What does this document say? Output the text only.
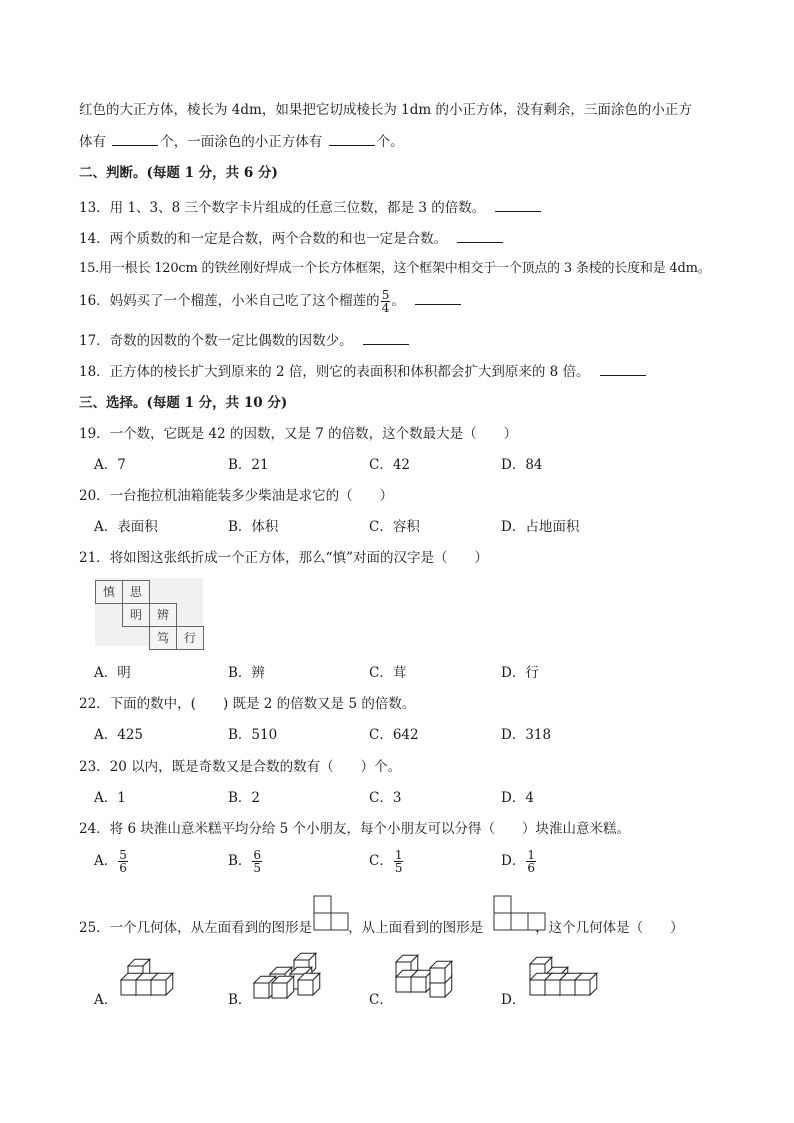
红色的大正方体，棱长为 4dm，如果把它切成棱长为 1dm 的小正方体，没有剩余，三面涂色的小正方
体有	个，一面涂色的小正方体有	个。
二、判断。(每题 1 分，共 6 分)
13．用 1、3、8 三个数字卡片组成的任意三位数，都是 3 的倍数。
14．两个质数的和一定是合数，两个合数的和也一定是合数。
15.用一根长 120cm 的铁丝刚好焊成一个长方体框架，这个框架中相交于一个顶点的 3 条棱的长度和是 4dm。
16．妈妈买了一个榴莲，小米自己吃了这个榴莲的 $\frac{5}{4}$ 。
17．奇数的因数的个数一定比偶数的因数少。
18．正方体的棱长扩大到原来的 2 倍，则它的表面积和体积都会扩大到原来的 8 倍。
三、选择。(每题 1 分，共 10 分)
19．一个数，它既是 42 的因数，又是 7 的倍数，这个数最大是（　　）
A．7	B．21	C．42	D．84
20．一台拖拉机油箱能装多少柴油是求它的（　　）
A．表面积	B．体积	C．容积	D．占地面积
21．将如图这张纸折成一个正方体，那么“慎”对面的汉字是（　　）
慎	思
明	辨
笃	行
A．明	B．辨	C．茸	D．行
22．下面的数中，(　　) 既是 2 的倍数又是 5 的倍数。
A．425	B．510	C．642	D．318
23．20 以内，既是奇数又是合数的数有（　　）个。
A．1	B．2	C．3	D．4
24．将 6 块淮山意米糕平均分给 5 个小朋友，每个小朋友可以分得（　　）块淮山意米糕。
A． $\frac{5}{6}$	B． $\frac{6}{5}$	C． $\frac{1}{5}$	D． $\frac{1}{6}$
25．一个几何体，从左面看到的图形是	，从上面看到的图形是	，这个几何体是（　　）
A．	B．	C．	D．
